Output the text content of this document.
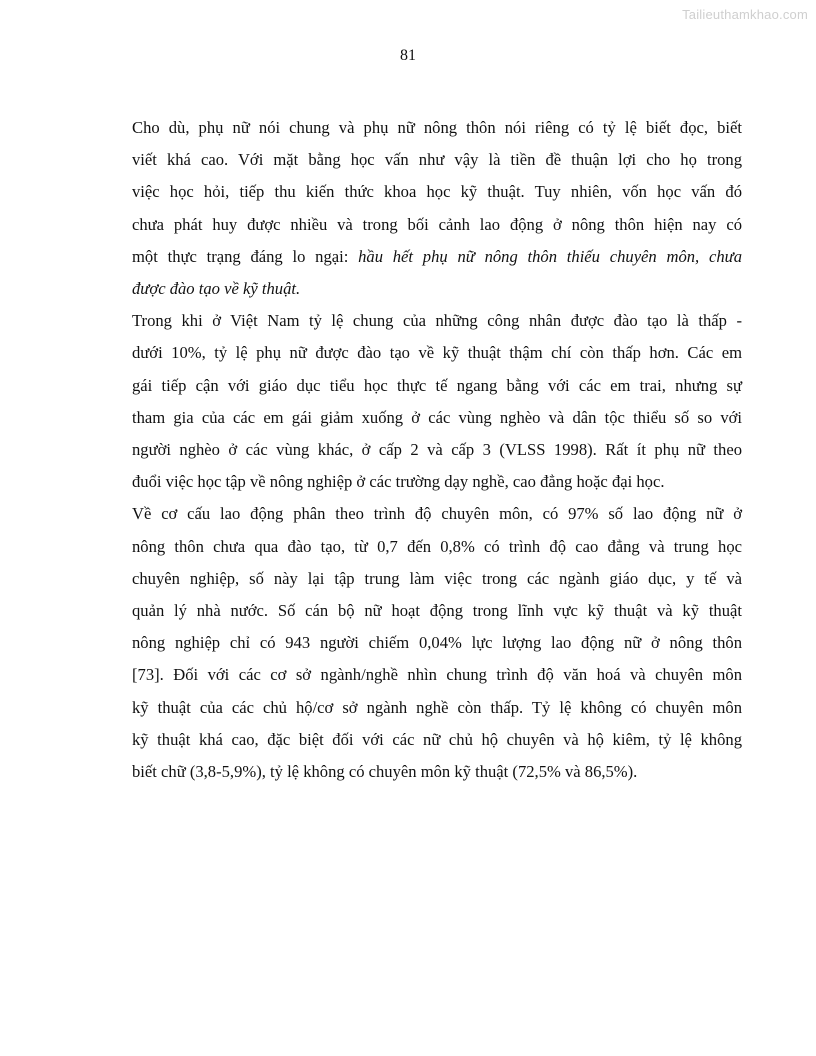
Tailieuthamkhao.com
81

Cho dù, phụ nữ nói chung và phụ nữ nông thôn nói riêng có tỷ lệ biết đọc, biết
viết khá cao. Với mặt bằng học vấn như vậy là tiền đề thuận lợi cho họ trong
việc học hỏi, tiếp thu kiến thức khoa học kỹ thuật. Tuy nhiên, vốn học vấn đó
chưa phát huy được nhiều và trong bối cảnh lao động ở nông thôn hiện nay có
một thực trạng đáng lo ngại: hầu hết phụ nữ nông thôn thiếu chuyên môn, chưa
được đào tạo về kỹ thuật.

Trong khi ở Việt Nam tỷ lệ chung của những công nhân được đào tạo là thấp -
dưới 10%, tỷ lệ phụ nữ được đào tạo về kỹ thuật thậm chí còn thấp hơn. Các em
gái tiếp cận với giáo dục tiểu học thực tế ngang bằng với các em trai, nhưng sự
tham gia của các em gái giảm xuống ở các vùng nghèo và dân tộc thiểu số so với
người nghèo ở các vùng khác, ở cấp 2 và cấp 3 (VLSS 1998). Rất ít phụ nữ theo
đuổi việc học tập về nông nghiệp ở các trường dạy nghề, cao đẳng hoặc đại học.

Về cơ cấu lao động phân theo trình độ chuyên môn, có 97% số lao động nữ ở
nông thôn chưa qua đào tạo, từ 0,7 đến 0,8% có trình độ cao đẳng và trung học
chuyên nghiệp, số này lại tập trung làm việc trong các ngành giáo dục, y tế và
quản lý nhà nước. Số cán bộ nữ hoạt động trong lĩnh vực kỹ thuật và kỹ thuật
nông nghiệp chỉ có 943 người chiếm 0,04% lực lượng lao động nữ ở nông thôn
[73]. Đối với các cơ sở ngành/nghề nhìn chung trình độ văn hoá và chuyên môn
kỹ thuật của các chủ hộ/cơ sở ngành nghề còn thấp. Tỷ lệ không có chuyên môn
kỹ thuật khá cao, đặc biệt đối với các nữ chủ hộ chuyên và hộ kiêm, tỷ lệ không
biết chữ (3,8-5,9%), tỷ lệ không có chuyên môn kỹ thuật (72,5% và 86,5%).
